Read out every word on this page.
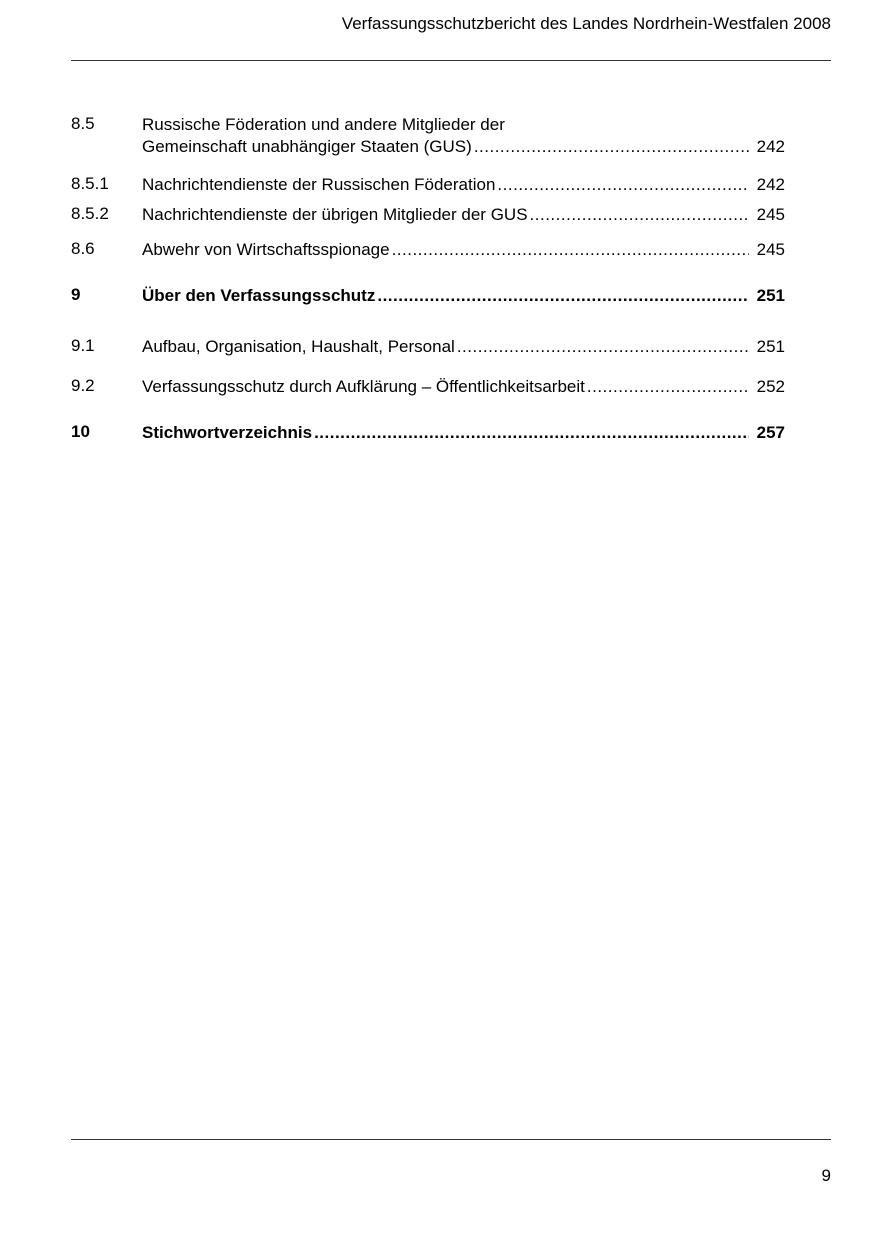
Verfassungsschutzbericht des Landes Nordrhein-Westfalen 2008
8.5	Russische Föderation und andere Mitglieder der
Gemeinschaft unabhängiger Staaten (GUS) .....	242
8.5.1	Nachrichtendienste der Russischen Föderation .....	242
8.5.2	Nachrichtendienste der übrigen Mitglieder der GUS .....	245
8.6	Abwehr von Wirtschaftsspionage .....	245
9	Über den Verfassungsschutz .....	251
9.1	Aufbau, Organisation, Haushalt, Personal .....	251
9.2	Verfassungsschutz durch Aufklärung – Öffentlichkeitsarbeit .....	252
10	Stichwortverzeichnis .....	257
9
